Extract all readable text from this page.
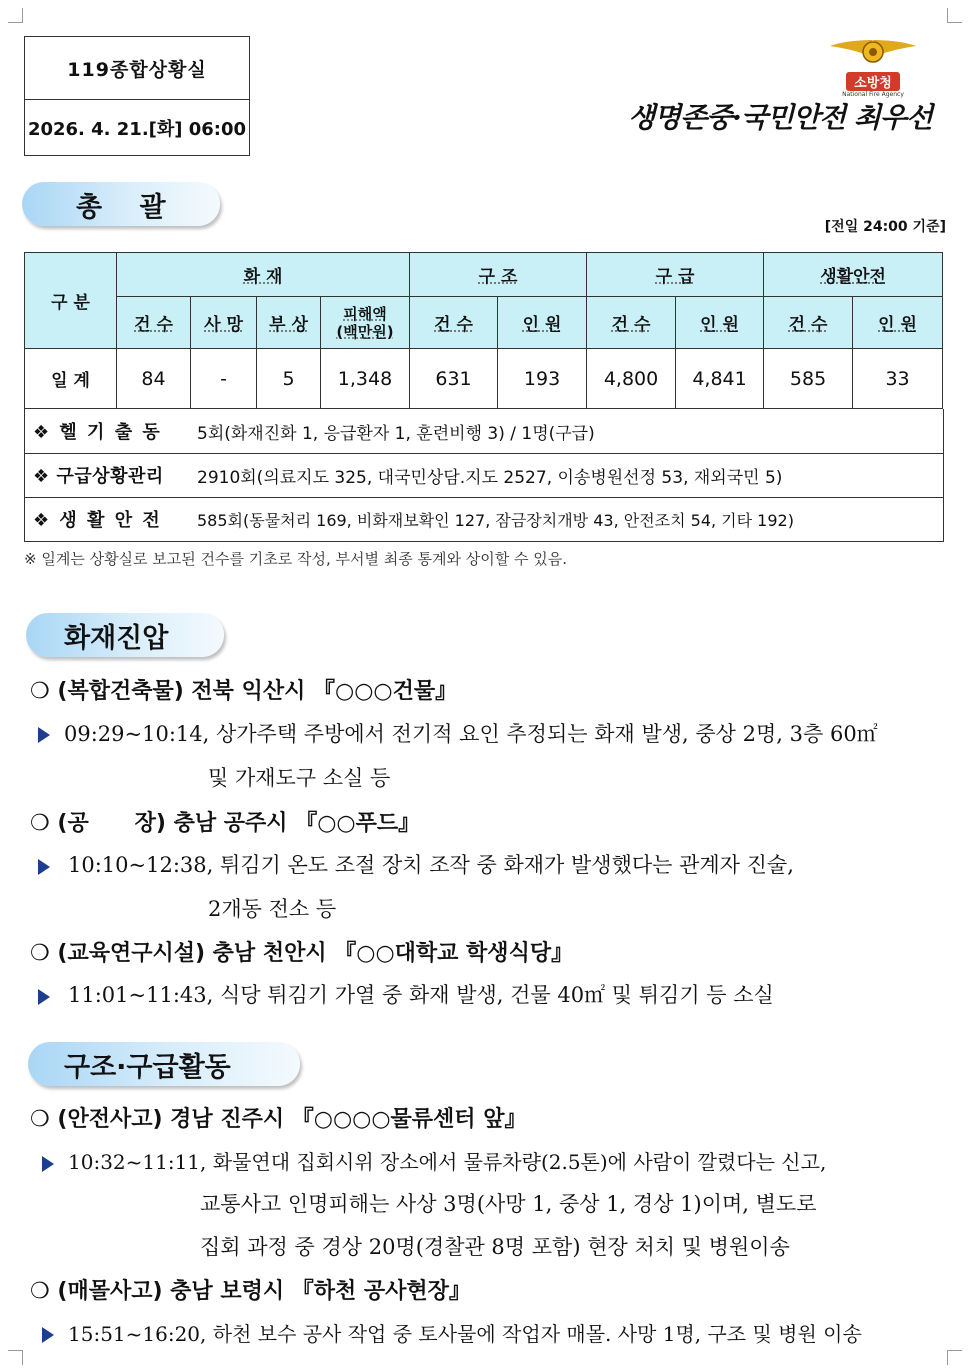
119종합상황실
2026. 4. 21.[화] 06:00
소방청
National Fire Agency
생명존중·국민안전 최우선
총 괄
[전일 24:00 기준]
구 분	화 재				구 조		구 급		생활안전	
	건 수	사 망	부 상	피해액
(백만원)	건 수	인 원	건 수	인 원	건 수	인 원
일 계	84	-	5	1,348	631	193	4,800	4,841	585	33
❖ 헬 기 출 동	5회(화재진화 1, 응급환자 1, 훈련비행 3) / 1명(구급)
❖ 구급상황관리	2910회(의료지도 325, 대국민상담.지도 2527, 이송병원선정 53, 재외국민 5)
❖ 생 활 안 전	585회(동물처리 169, 비화재보확인 127, 잠금장치개방 43, 안전조치 54, 기타 192)
※ 일계는 상황실로 보고된 건수를 기초로 작성, 부서별 최종 통계와 상이할 수 있음.
화재진압
❍ (복합건축물) 전북 익산시 『○○○건물』
09:29~10:14, 상가주택 주방에서 전기적 요인 추정되는 화재 발생, 중상 2명, 3층 60㎡
및 가재도구 소실 등
❍ (공      장) 충남 공주시 『○○푸드』
10:10~12:38, 튀김기 온도 조절 장치 조작 중 화재가 발생했다는 관계자 진술,
2개동 전소 등
❍ (교육연구시설) 충남 천안시 『○○대학교 학생식당』
11:01~11:43, 식당 튀김기 가열 중 화재 발생, 건물 40㎡ 및 튀김기 등 소실
구조·구급활동
❍ (안전사고) 경남 진주시 『○○○○물류센터 앞』
10:32~11:11, 화물연대 집회시위 장소에서 물류차량(2.5톤)에 사람이 깔렸다는 신고,
교통사고 인명피해는 사상 3명(사망 1, 중상 1, 경상 1)이며, 별도로
집회 과정 중 경상 20명(경찰관 8명 포함) 현장 처치 및 병원이송
❍ (매몰사고) 충남 보령시 『하천 공사현장』
15:51~16:20, 하천 보수 공사 작업 중 토사물에 작업자 매몰. 사망 1명, 구조 및 병원 이송
